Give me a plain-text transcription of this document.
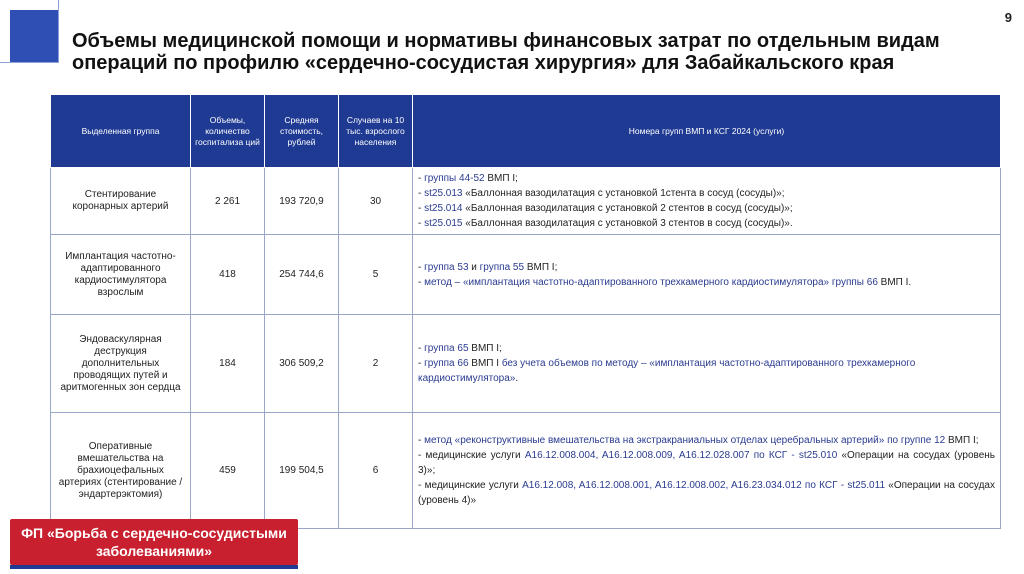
9
Объемы медицинской помощи и нормативы финансовых затрат по отдельным видам операций по профилю «сердечно-сосудистая хирургия» для Забайкальского края
Выделенная группа	Объемы, количество госпитализа ций	Средняя стоимость, рублей	Случаев на 10 тыс. взрослого населения	Номера групп ВМП и КСГ 2024 (услуги)
Стентирование коронарных артерий	2 261	193 720,9	30	- группы 44-52 ВМП I;

- st25.013 «Баллонная вазодилатация с установкой 1стента в сосуд (сосуды)»;

- st25.014 «Баллонная вазодилатация с установкой 2 стентов в сосуд (сосуды)»;

- st25.015 «Баллонная вазодилатация с установкой 3 стентов в сосуд (сосуды)».

Имплантация частотно-адаптированного кардиостимулятора взрослым	418	254 744,6	5	- группа 53 и группа 55 ВМП I;

- метод – «имплантация частотно-адаптированного трехкамерного кардиостимулятора» группы 66 ВМП I.

Эндоваскулярная деструкция дополнительных проводящих путей и аритмогенных зон сердца	184	306 509,2	2	- группа 65 ВМП I;

- группа 66 ВМП I без учета объемов по методу – «имплантация частотно-адаптированного трехкамерного кардиостимулятора».

Оперативные вмешательства на брахиоцефальных артериях (стентирование / эндартерэктомия)	459	199 504,5	6	- метод «реконструктивные вмешательства на экстракраниальных отделах церебральных артерий» по группе 12 ВМП I;

- медицинские услуги A16.12.008.004, A16.12.008.009, A16.12.028.007 по КСГ - st25.010 «Операции на сосудах (уровень 3)»;

- медицинские услуги A16.12.008, A16.12.008.001, A16.12.008.002, A16.23.034.012 по КСГ - st25.011 «Операции на сосудах (уровень 4)»

ФП «Борьба с сердечно-сосудистыми заболеваниями»
